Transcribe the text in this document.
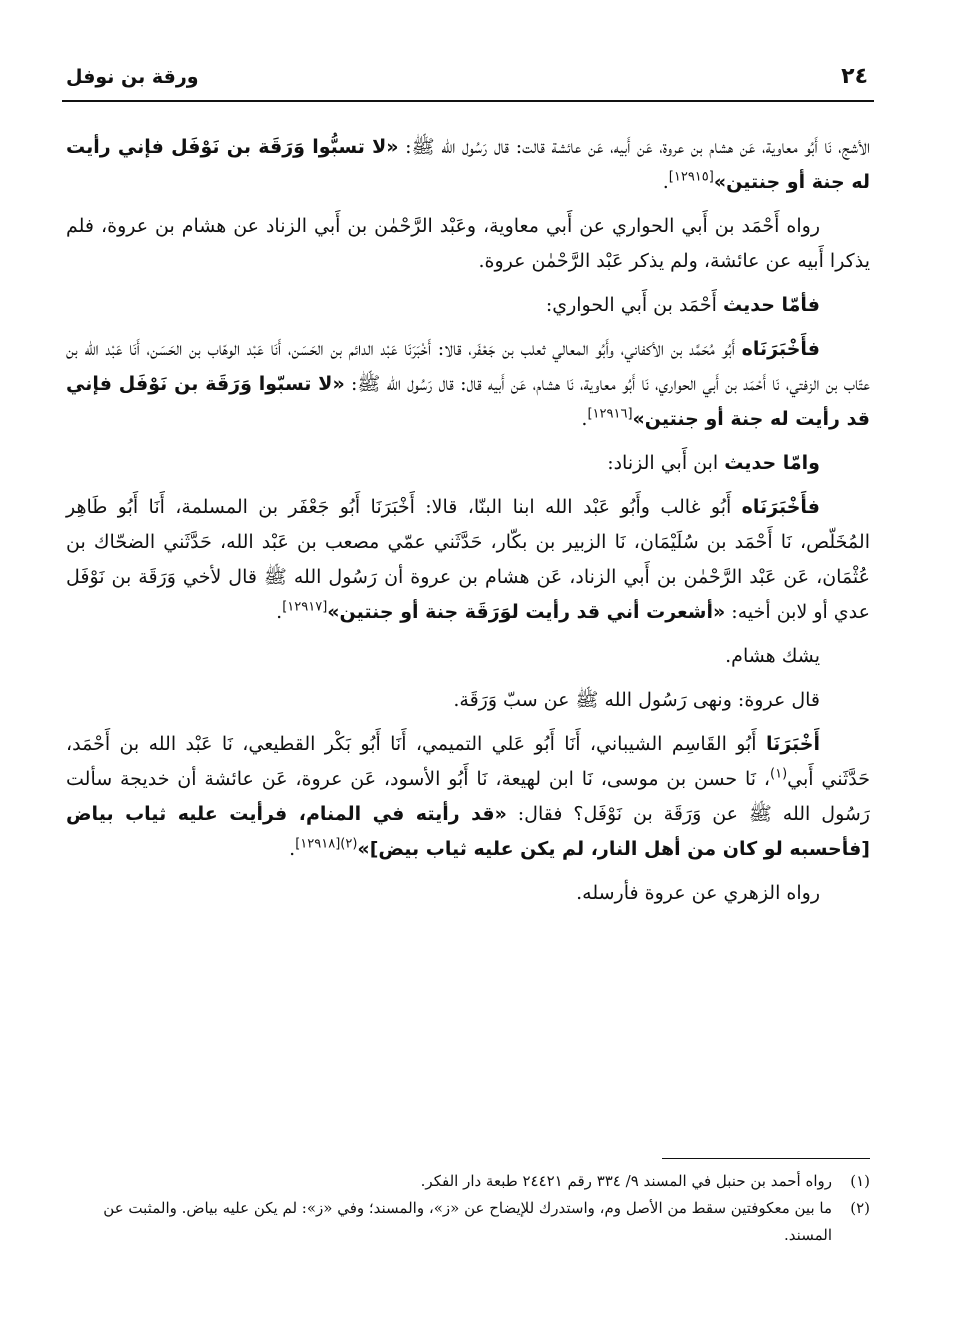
٢٤
ورقة بن نوفل

الأشج، نَا أَبُو معاوية، عَن هشام بن عروة، عَن أَبيه، عَن عائشة قالت: قال رَسُول الله ﷺ: «لا تسبُّوا وَرَقَة بن نَوْفَل فإني رأيت له جنة أو جنتين»[١٢٩١٥].

رواه أَحْمَد بن أَبي الحواري عن أَبي معاوية، وعَبْد الرَّحْمٰن بن أَبي الزناد عن هشام بن عروة، فلم يذكرا أَبيه عن عائشة، ولم يذكر عَبْد الرَّحْمٰن عروة.

فأمّا حديث أَحْمَد بن أَبي الحواري:

فأَخْبَرَنَاه أَبُو مُحَمَّد بن الأكفاني، وأَبُو المعالي ثعلب بن جَعْفَر، قالا: أَخْبَرَنَا عَبْد الدائم بن الحَسَن، أَنَا عَبْد الوهّاب بن الحَسَن، أَنَا عَبْد الله بن عتّاب بن الزفتي، نَا أَحْمَد بن أَبي الحواري، نَا أَبُو معاوية، نَا هشام، عَن أَبيه قال: قال رَسُول الله ﷺ: «لا تسبّوا وَرَقَة بن نَوْفَل فإني قد رأيت له جنة أو جنتين»[١٢٩١٦].

وامّا حديث ابن أَبي الزناد:

فأَخْبَرَنَاه أَبُو غالب وأَبُو عَبْد الله ابنا البنّا، قالا: أَخْبَرَنَا أَبُو جَعْفَر بن المسلمة، أَنَا أَبُو طَاهِر المُخَلّص، نَا أَحْمَد بن سُلَيْمَان، نَا الزبير بن بكّار، حَدَّثَني عمّي مصعب بن عَبْد الله، حَدَّثَني الضحّاك بن عُثْمَان، عَن عَبْد الرَّحْمٰن بن أَبي الزناد، عَن هشام بن عروة أن رَسُول الله ﷺ قال لأخي وَرَقَة بن نَوْفَل عدي أو لابن أخيه: «أشعرت أني قد رأيت لوَرَقَة جنة أو جنتين»[١٢٩١٧].

يشك هشام.

قال عروة: ونهى رَسُول الله ﷺ عن سبّ وَرَقَة.

أَخْبَرَنَا أَبُو القَاسِم الشيباني، أَنَا أَبُو عَلي التميمي، أَنَا أَبُو بَكْر القطيعي، نَا عَبْد الله بن أَحْمَد، حَدَّثَني أَبي$^{(١)}$، نَا حسن بن موسى، نَا ابن لهيعة، نَا أَبُو الأسود، عَن عروة، عَن عائشة أن خديجة سألت رَسُول الله ﷺ عن وَرَقَة بن نَوْفَل؟ فقال: «قد رأيته في المنام، فرأيت عليه ثياب بياض [فأحسبه لو كان من أهل النار، لم يكن عليه ثياب بيض]»$^{(٢)[١٢٩١٨]}$.

رواه الزهري عن عروة فأرسله.

(١)
رواه أحمد بن حنبل في المسند ٩/ ٣٣٤ رقم ٢٤٤٢١ طبعة دار الفكر.
(٢)
ما بين معكوفتين سقط من الأصل وم، واستدرك للإيضاح عن «ز»، والمسند؛ وفي «ز»: لم يكن عليه بياض. والمثبت عن المسند.
